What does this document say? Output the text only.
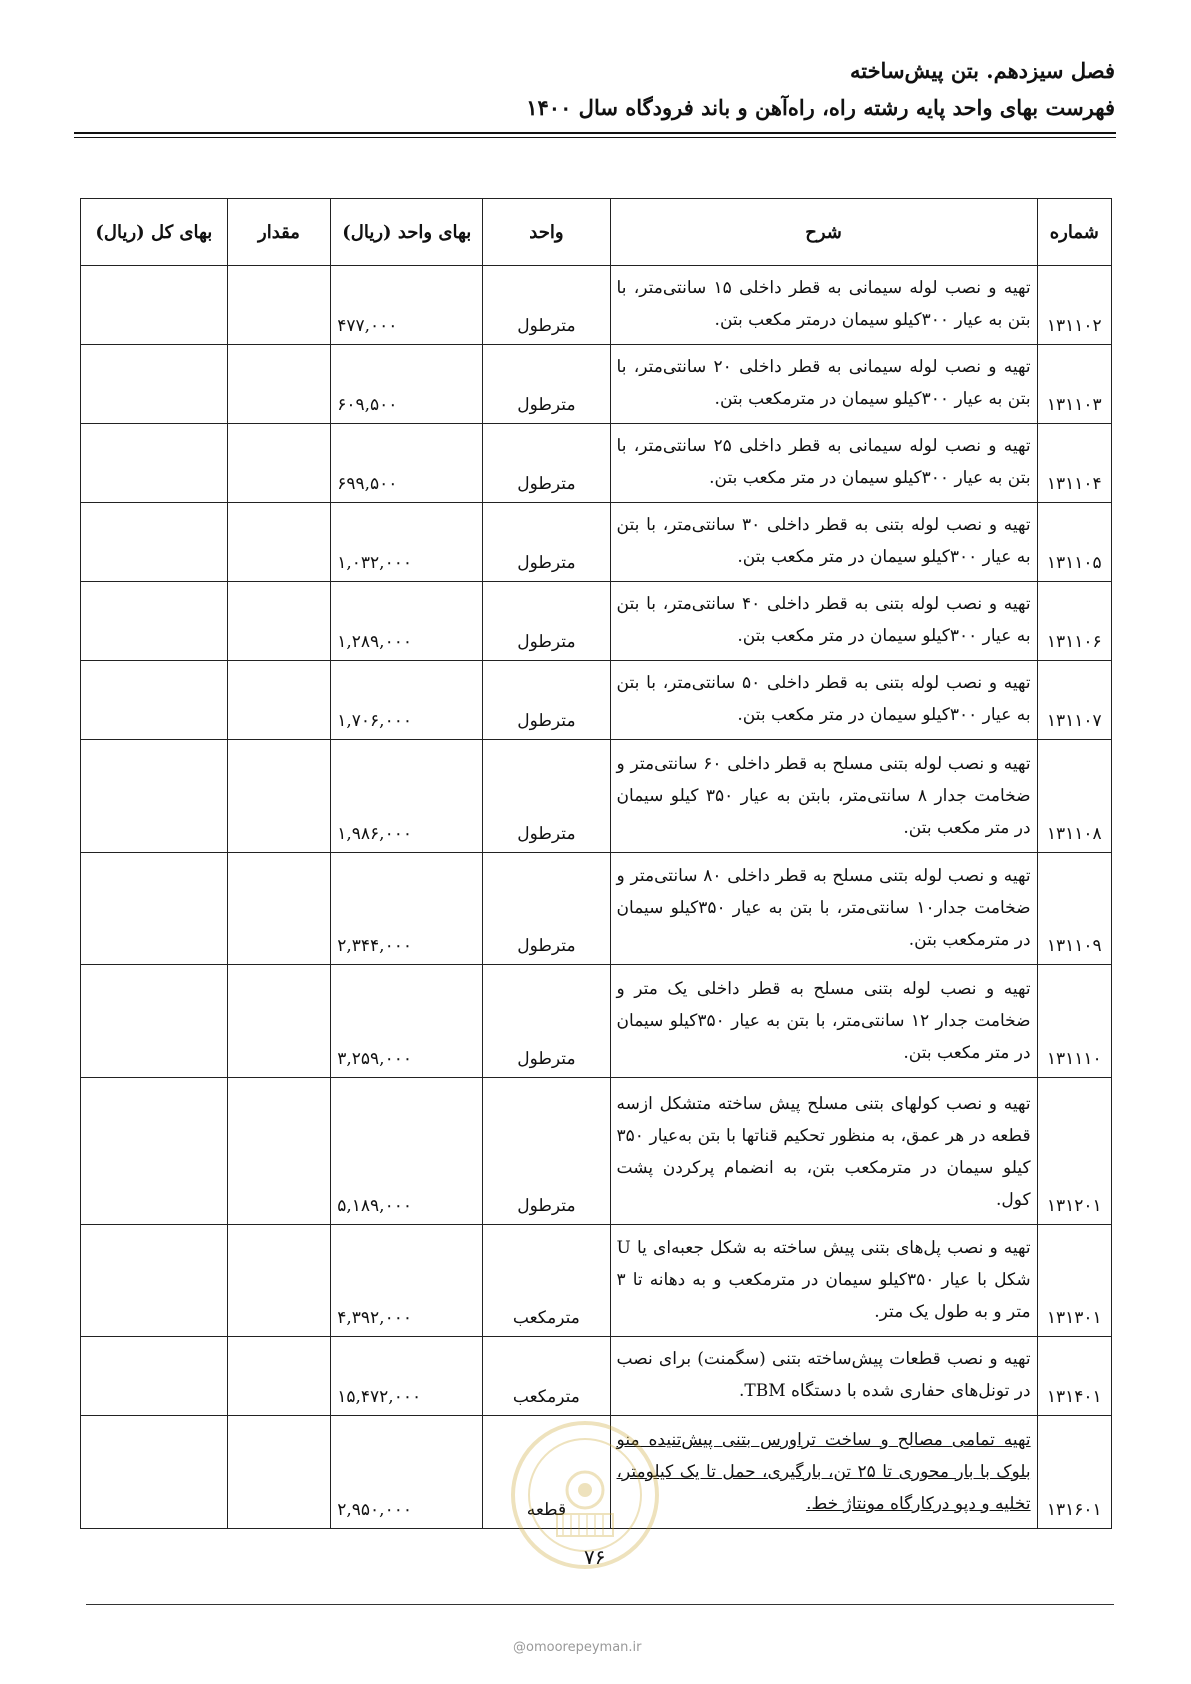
فصل سیزدهم. بتن پیش‌ساخته
فهرست بهای واحد پایه رشته راه، راه‌آهن و باند فرودگاه سال ۱۴۰۰
شماره	شرح	واحد	بهای واحد (ریال)	مقدار	بهای کل (ریال)
۱۳۱۱۰۲	تهیه و نصب لوله سیمانی به قطر داخلی ۱۵ سانتی‌متر، با بتن به عیار ۳۰۰کیلو سیمان درمتر مکعب بتن.	مترطول	۴۷۷,۰۰۰		
۱۳۱۱۰۳	تهیه و نصب لوله سیمانی به قطر داخلی ۲۰ سانتی‌متر، با بتن به عیار ۳۰۰کیلو سیمان در مترمکعب بتن.	مترطول	۶۰۹,۵۰۰		
۱۳۱۱۰۴	تهیه و نصب لوله سیمانی به قطر داخلی ۲۵ سانتی‌متر، با بتن به عیار ۳۰۰کیلو سیمان در متر مکعب بتن.	مترطول	۶۹۹,۵۰۰		
۱۳۱۱۰۵	تهیه و نصب لوله بتنی به قطر داخلی ۳۰ سانتی‌متر، با بتن به عیار ۳۰۰کیلو سیمان در متر مکعب بتن.	مترطول	۱,۰۳۲,۰۰۰		
۱۳۱۱۰۶	تهیه و نصب لوله بتنی به قطر داخلی ۴۰ سانتی‌متر، با بتن به عیار ۳۰۰کیلو سیمان در متر مکعب بتن.	مترطول	۱,۲۸۹,۰۰۰		
۱۳۱۱۰۷	تهیه و نصب لوله بتنی به قطر داخلی ۵۰ سانتی‌متر، با بتن به عیار ۳۰۰کیلو سیمان در متر مکعب بتن.	مترطول	۱,۷۰۶,۰۰۰		
۱۳۱۱۰۸	تهیه و نصب لوله بتنی مسلح به قطر داخلی ۶۰ سانتی‌متر و ضخامت جدار ۸ سانتی‌متر، بابتن به عیار ۳۵۰ کیلو سیمان در متر مکعب بتن.	مترطول	۱,۹۸۶,۰۰۰		
۱۳۱۱۰۹	تهیه و نصب لوله بتنی مسلح به قطر داخلی ۸۰ سانتی‌متر و ضخامت جدار۱۰ سانتی‌متر، با بتن به عیار ۳۵۰کیلو سیمان در مترمکعب بتن.	مترطول	۲,۳۴۴,۰۰۰		
۱۳۱۱۱۰	تهیه و نصب لوله بتنی مسلح به قطر داخلی یک متر و ضخامت جدار ۱۲ سانتی‌متر، با بتن به عیار ۳۵۰کیلو سیمان در متر مکعب بتن.	مترطول	۳,۲۵۹,۰۰۰		
۱۳۱۲۰۱	تهیه و نصب کولهای بتنی مسلح پیش ساخته متشکل ازسه قطعه در هر عمق، به منظور تحکیم قناتها با بتن به‌عیار ۳۵۰ کیلو سیمان در مترمکعب بتن، به انضمام پرکردن پشت کول.	مترطول	۵,۱۸۹,۰۰۰		
۱۳۱۳۰۱	تهیه و نصب پل‌های بتنی پیش ساخته به شکل جعبه‌ای یا U شکل با عیار ۳۵۰کیلو سیمان در مترمکعب و به دهانه تا ۳ متر و به طول یک متر.	مترمکعب	۴,۳۹۲,۰۰۰		
۱۳۱۴۰۱	تهیه و نصب قطعات پیش‌ساخته بتنی (سگمنت) برای نصب در تونل‌های حفاری شده با دستگاه TBM.	مترمکعب	۱۵,۴۷۲,۰۰۰		
۱۳۱۶۰۱	تهیه تمامی مصالح و ساخت تراورس بتنی پیش‌تنیده منو بلوک با بار محوری تا ۲۵ تن، بارگیری، حمل تا یک کیلومتر، تخلیه و دپو درکارگاه مونتاژ خط.	قطعه	۲,۹۵۰,۰۰۰		
۷۶
@omoorepeyman.ir
